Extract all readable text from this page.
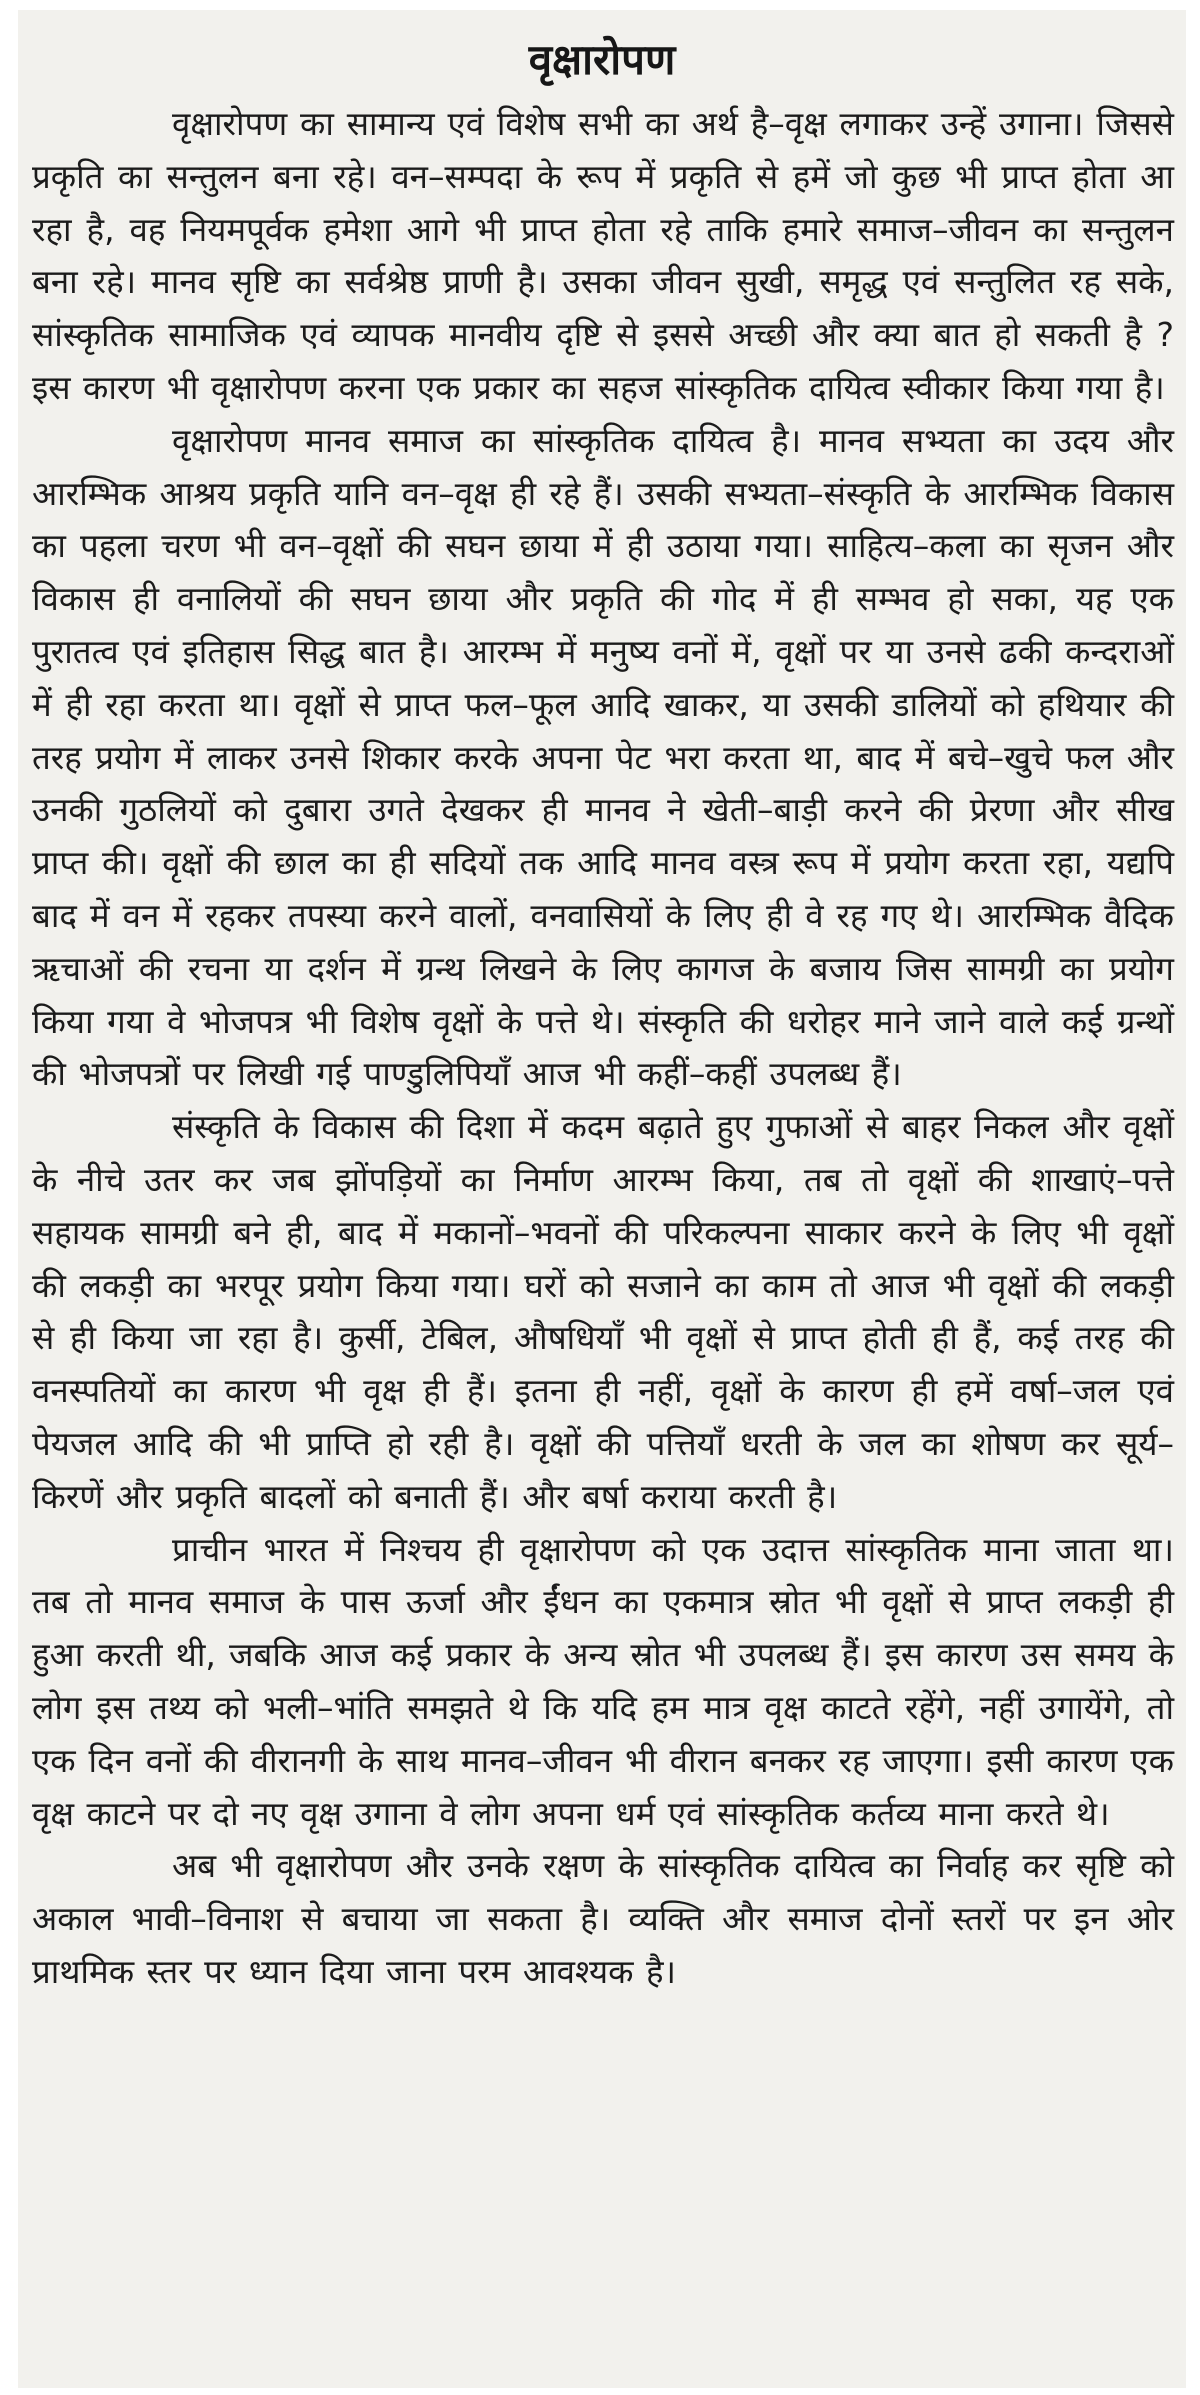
वृक्षारोपण

वृक्षारोपण का सामान्य एवं विशेष सभी का अर्थ है–वृक्ष लगाकर उन्हें उगाना। जिससे प्रकृति का सन्तुलन बना रहे। वन–सम्पदा के रूप में प्रकृति से हमें जो कुछ भी प्राप्त होता आ रहा है, वह नियमपूर्वक हमेशा आगे भी प्राप्त होता रहे ताकि हमारे समाज–जीवन का सन्तुलन बना रहे। मानव सृष्टि का सर्वश्रेष्ठ प्राणी है। उसका जीवन सुखी, समृद्ध एवं सन्तुलित रह सके, सांस्कृतिक सामाजिक एवं व्यापक मानवीय दृष्टि से इससे अच्छी और क्या बात हो सकती है ? इस कारण भी वृक्षारोपण करना एक प्रकार का सहज सांस्कृतिक दायित्व स्वीकार किया गया है।

वृक्षारोपण मानव समाज का सांस्कृतिक दायित्व है। मानव सभ्यता का उदय और आरम्भिक आश्रय प्रकृति यानि वन–वृक्ष ही रहे हैं। उसकी सभ्यता–संस्कृति के आरम्भिक विकास का पहला चरण भी वन–वृक्षों की सघन छाया में ही उठाया गया। साहित्य–कला का सृजन और विकास ही वनालियों की सघन छाया और प्रकृति की गोद में ही सम्भव हो सका, यह एक पुरातत्व एवं इतिहास सिद्ध बात है। आरम्भ में मनुष्य वनों में, वृक्षों पर या उनसे ढकी कन्दराओं में ही रहा करता था। वृक्षों से प्राप्त फल–फूल आदि खाकर, या उसकी डालियों को हथियार की तरह प्रयोग में लाकर उनसे शिकार करके अपना पेट भरा करता था, बाद में बचे–खुचे फल और उनकी गुठलियों को दुबारा उगते देखकर ही मानव ने खेती–बाड़ी करने की प्रेरणा और सीख प्राप्त की। वृक्षों की छाल का ही सदियों तक आदि मानव वस्त्र रूप में प्रयोग करता रहा, यद्यपि बाद में वन में रहकर तपस्या करने वालों, वनवासियों के लिए ही वे रह गए थे। आरम्भिक वैदिक ऋचाओं की रचना या दर्शन में ग्रन्थ लिखने के लिए कागज के बजाय जिस सामग्री का प्रयोग किया गया वे भोजपत्र भी विशेष वृक्षों के पत्ते थे। संस्कृति की धरोहर माने जाने वाले कई ग्रन्थों की भोजपत्रों पर लिखी गई पाण्डुलिपियाँ आज भी कहीं–कहीं उपलब्ध हैं।

संस्कृति के विकास की दिशा में कदम बढ़ाते हुए गुफाओं से बाहर निकल और वृक्षों के नीचे उतर कर जब झोंपड़ियों का निर्माण आरम्भ किया, तब तो वृक्षों की शाखाएं–पत्ते सहायक सामग्री बने ही, बाद में मकानों–भवनों की परिकल्पना साकार करने के लिए भी वृक्षों की लकड़ी का भरपूर प्रयोग किया गया। घरों को सजाने का काम तो आज भी वृक्षों की लकड़ी से ही किया जा रहा है। कुर्सी, टेबिल, औषधियाँ भी वृक्षों से प्राप्त होती ही हैं, कई तरह की वनस्पतियों का कारण भी वृक्ष ही हैं। इतना ही नहीं, वृक्षों के कारण ही हमें वर्षा–जल एवं पेयजल आदि की भी प्राप्ति हो रही है। वृक्षों की पत्तियाँ धरती के जल का शोषण कर सूर्य–किरणें और प्रकृति बादलों को बनाती हैं। और बर्षा कराया करती है।

प्राचीन भारत में निश्चय ही वृक्षारोपण को एक उदात्त सांस्कृतिक माना जाता था। तब तो मानव समाज के पास ऊर्जा और ईंधन का एकमात्र स्रोत भी वृक्षों से प्राप्त लकड़ी ही हुआ करती थी, जबकि आज कई प्रकार के अन्य स्रोत भी उपलब्ध हैं। इस कारण उस समय के लोग इस तथ्य को भली–भांति समझते थे कि यदि हम मात्र वृक्ष काटते रहेंगे, नहीं उगायेंगे, तो एक दिन वनों की वीरानगी के साथ मानव–जीवन भी वीरान बनकर रह जाएगा। इसी कारण एक वृक्ष काटने पर दो नए वृक्ष उगाना वे लोग अपना धर्म एवं सांस्कृतिक कर्तव्य माना करते थे।

अब भी वृक्षारोपण और उनके रक्षण के सांस्कृतिक दायित्व का निर्वाह कर सृष्टि को अकाल भावी–विनाश से बचाया जा सकता है। व्यक्ति और समाज दोनों स्तरों पर इन ओर प्राथमिक स्तर पर ध्यान दिया जाना परम आवश्यक है।
